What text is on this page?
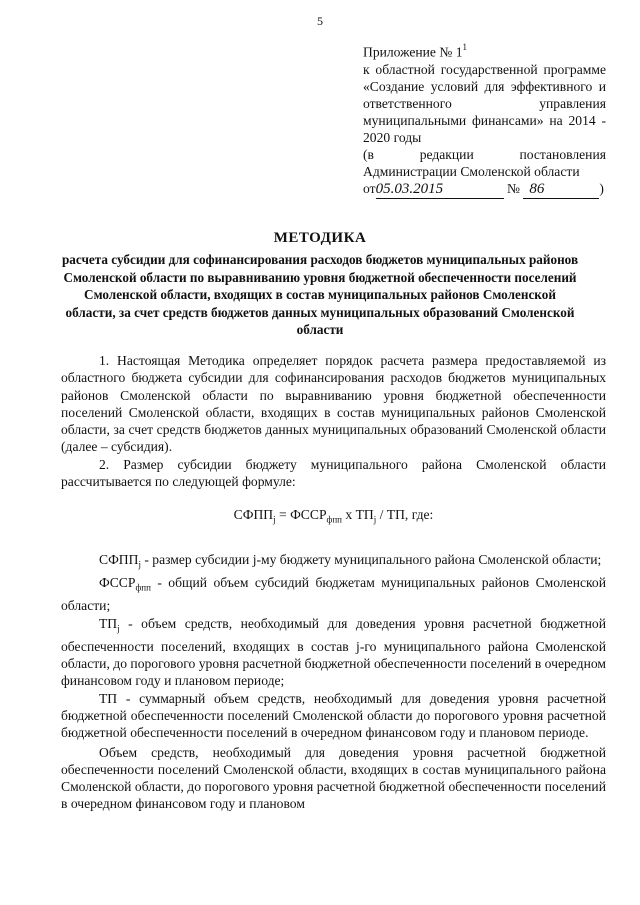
5
Приложение № $1^1$
к областной государственной программе «Создание условий для эффективного и ответственного управления муниципальными финансами» на 2014 - 2020 годы
(в редакции постановления Администрации Смоленской области
от05.03.2015	№ 86	)
МЕТОДИКА
расчета субсидии для софинансирования расходов бюджетов муниципальных районов Смоленской области по выравниванию уровня бюджетной обеспеченности поселений Смоленской области, входящих в состав муниципальных районов Смоленской области, за счет средств бюджетов данных муниципальных образований Смоленской области

1. Настоящая Методика определяет порядок расчета размера предоставляемой из областного бюджета субсидии для софинансирования расходов бюджетов муниципальных районов Смоленской области по выравниванию уровня бюджетной обеспеченности поселений Смоленской области, входящих в состав муниципальных районов Смоленской области, за счет средств бюджетов данных муниципальных образований Смоленской области (далее – субсидия).

2. Размер субсидии бюджету муниципального района Смоленской области рассчитывается по следующей формуле:

$СФПП_j$ = $ФССР_{фпп}$ х $ТП_j$ / ТП, где:

$СФПП_j$ - размер субсидии j-му бюджету муниципального района Смоленской области;

$ФССР_{фпп}$ - общий объем субсидий бюджетам муниципальных районов Смоленской области;

$ТП_j$ - объем средств, необходимый для доведения уровня расчетной бюджетной обеспеченности поселений, входящих в состав j-го муниципального района Смоленской области, до порогового уровня расчетной бюджетной обеспеченности поселений в очередном финансовом году и плановом периоде;

ТП - суммарный объем средств, необходимый для доведения уровня расчетной бюджетной обеспеченности поселений Смоленской области до порогового уровня расчетной бюджетной обеспеченности поселений в очередном финансовом году и плановом периоде.

Объем средств, необходимый для доведения уровня расчетной бюджетной обеспеченности поселений Смоленской области, входящих в состав муниципального района Смоленской области, до порогового уровня расчетной бюджетной обеспеченности поселений в очередном финансовом году и плановом
